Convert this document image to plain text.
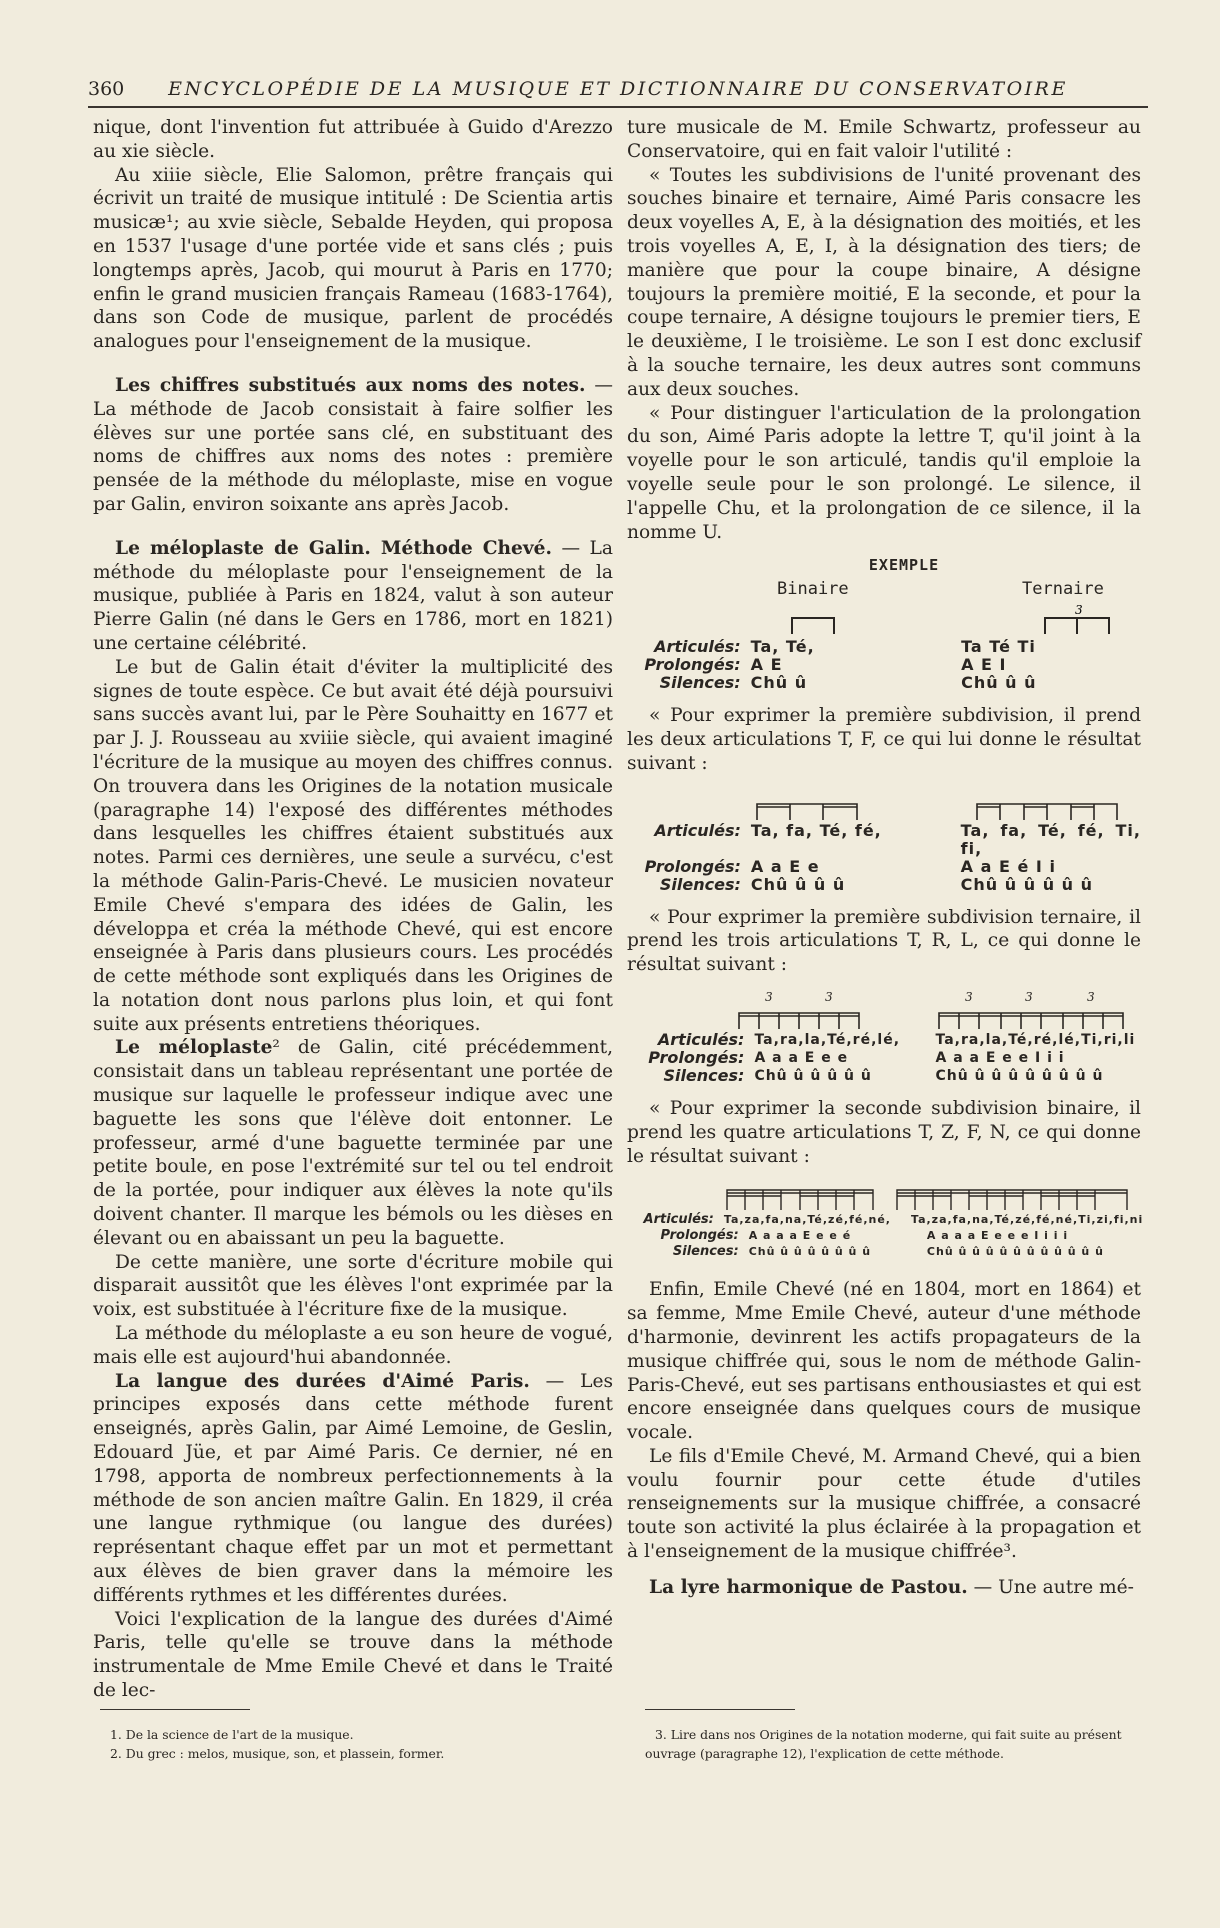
360	ENCYCLOPÉDIE DE LA MUSIQUE ET DICTIONNAIRE DU CONSERVATOIRE

nique, dont l'invention fut attribuée à Guido d'Arezzo au xie siècle.

Au xiiie siècle, Elie Salomon, prêtre français qui écrivit un traité de musique intitulé : De Scientia artis musicæ¹; au xvie siècle, Sebalde Heyden, qui proposa en 1537 l'usage d'une portée vide et sans clés ; puis longtemps après, Jacob, qui mourut à Paris en 1770; enfin le grand musicien français Rameau (1683-1764), dans son Code de musique, parlent de procédés analogues pour l'enseignement de la musique.

Les chiffres substitués aux noms des notes. — La méthode de Jacob consistait à faire solfier les élèves sur une portée sans clé, en substituant des noms de chiffres aux noms des notes : première pensée de la méthode du méloplaste, mise en vogue par Galin, environ soixante ans après Jacob.

Le méloplaste de Galin. Méthode Chevé. — La méthode du méloplaste pour l'enseignement de la musique, publiée à Paris en 1824, valut à son auteur Pierre Galin (né dans le Gers en 1786, mort en 1821) une certaine célébrité.

Le but de Galin était d'éviter la multiplicité des signes de toute espèce. Ce but avait été déjà poursuivi sans succès avant lui, par le Père Souhaitty en 1677 et par J. J. Rousseau au xviiie siècle, qui avaient imaginé l'écriture de la musique au moyen des chiffres connus. On trouvera dans les Origines de la notation musicale (paragraphe 14) l'exposé des différentes méthodes dans lesquelles les chiffres étaient substitués aux notes. Parmi ces dernières, une seule a survécu, c'est la méthode Galin-Paris-Chevé. Le musicien novateur Emile Chevé s'empara des idées de Galin, les développa et créa la méthode Chevé, qui est encore enseignée à Paris dans plusieurs cours. Les procédés de cette méthode sont expliqués dans les Origines de la notation dont nous parlons plus loin, et qui font suite aux présents entretiens théoriques.

Le méloplaste² de Galin, cité précédemment, consistait dans un tableau représentant une portée de musique sur laquelle le professeur indique avec une baguette les sons que l'élève doit entonner. Le professeur, armé d'une baguette terminée par une petite boule, en pose l'extrémité sur tel ou tel endroit de la portée, pour indiquer aux élèves la note qu'ils doivent chanter. Il marque les bémols ou les dièses en élevant ou en abaissant un peu la baguette.

De cette manière, une sorte d'écriture mobile qui disparait aussitôt que les élèves l'ont exprimée par la voix, est substituée à l'écriture fixe de la musique.

La méthode du méloplaste a eu son heure de vogué, mais elle est aujourd'hui abandonnée.

La langue des durées d'Aimé Paris. — Les principes exposés dans cette méthode furent enseignés, après Galin, par Aimé Lemoine, de Geslin, Edouard Jüe, et par Aimé Paris. Ce dernier, né en 1798, apporta de nombreux perfectionnements à la méthode de son ancien maître Galin. En 1829, il créa une langue rythmique (ou langue des durées) représentant chaque effet par un mot et permettant aux élèves de bien graver dans la mémoire les différents rythmes et les différentes durées.

Voici l'explication de la langue des durées d'Aimé Paris, telle qu'elle se trouve dans la méthode instrumentale de Mme Emile Chevé et dans le Traité de lec-

1. De la science de l'art de la musique.
2. Du grec : melos, musique, son, et plassein, former.

ture musicale de M. Emile Schwartz, professeur au Conservatoire, qui en fait valoir l'utilité :

« Toutes les subdivisions de l'unité provenant des souches binaire et ternaire, Aimé Paris consacre les deux voyelles A, E, à la désignation des moitiés, et les trois voyelles A, E, I, à la désignation des tiers; de manière que pour la coupe binaire, A désigne toujours la première moitié, E la seconde, et pour la coupe ternaire, A désigne toujours le premier tiers, E le deuxième, I le troisième. Le son I est donc exclusif à la souche ternaire, les deux autres sont communs aux deux souches.

« Pour distinguer l'articulation de la prolongation du son, Aimé Paris adopte la lettre T, qu'il joint à la voyelle pour le son articulé, tandis qu'il emploie la voyelle seule pour le son prolongé. Le silence, il l'appelle Chu, et la prolongation de ce silence, il la nomme U.

EXEMPLE
Binaire	Ternaire
3
Articulés: Ta, Té,	Ta Té Ti
Prolongés: A E	A E I
Silences: Chû û	Chû û û

« Pour exprimer la première subdivision, il prend les deux articulations T, F, ce qui lui donne le résultat suivant :

Articulés: Ta, fa, Té, fé,	Ta, fa, Té, fé, Ti, fi,
Prolongés: A a E e	A a E é I i
Silences: Chû û û û	Chû û û û û û

« Pour exprimer la première subdivision ternaire, il prend les trois articulations T, R, L, ce qui donne le résultat suivant :

3	3	3	3	3
Articulés: Ta,ra,la,Té,ré,lé,	Ta,ra,la,Té,ré,lé,Ti,ri,li
Prolongés: A a a E e e	A a a E e e I i i
Silences: Chû û û û û û	Chû û û û û û û û û

« Pour exprimer la seconde subdivision binaire, il prend les quatre articulations T, Z, F, N, ce qui donne le résultat suivant :

Articulés: Ta,za,fa,na,Té,zé,fé,né,	Ta,za,fa,na,Té,zé,fé,né,Ti,zi,fi,ni
Prolongés: A a a a E e e é	A a a a E e e e I i i i
Silences: Chû û û û û û û û	Chû û û û û û û û û û û û

Enfin, Emile Chevé (né en 1804, mort en 1864) et sa femme, Mme Emile Chevé, auteur d'une méthode d'harmonie, devinrent les actifs propagateurs de la musique chiffrée qui, sous le nom de méthode Galin-Paris-Chevé, eut ses partisans enthousiastes et qui est encore enseignée dans quelques cours de musique vocale.

Le fils d'Emile Chevé, M. Armand Chevé, qui a bien voulu fournir pour cette étude d'utiles renseignements sur la musique chiffrée, a consacré toute son activité la plus éclairée à la propagation et à l'enseignement de la musique chiffrée³.

La lyre harmonique de Pastou. — Une autre mé-

3. Lire dans nos Origines de la notation moderne, qui fait suite au présent ouvrage (paragraphe 12), l'explication de cette méthode.
